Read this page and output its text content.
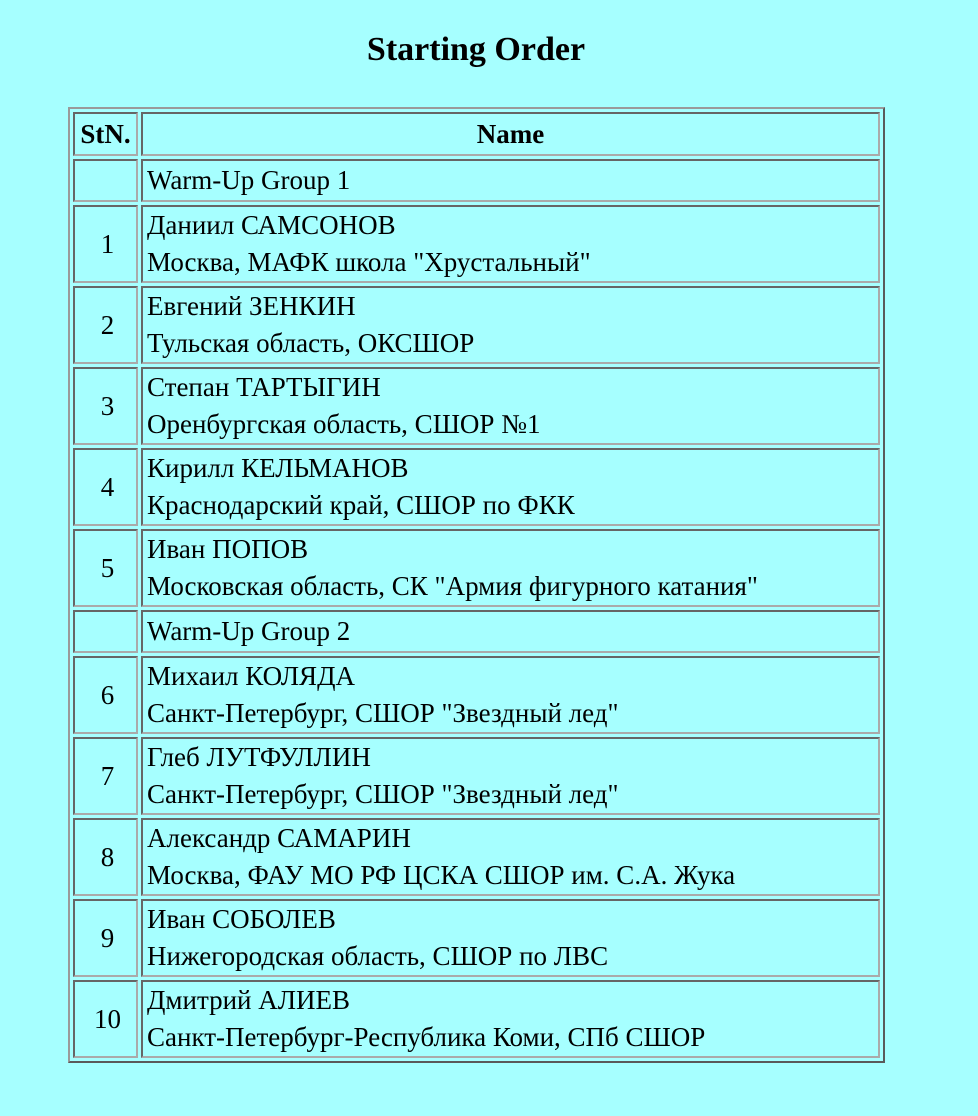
Starting Order
StN.	Name
	Warm-Up Group 1
1	Даниил САМСОНОВ
Москва, МАФК школа "Хрустальный"

2	Евгений ЗЕНКИН
Тульская область, ОКСШОР

3	Степан ТАРТЫГИН
Оренбургская область, СШОР №1

4	Кирилл КЕЛЬМАНОВ
Краснодарский край, СШОР по ФКК

5	Иван ПОПОВ
Московская область, СК "Армия фигурного катания"

	Warm-Up Group 2
6	Михаил КОЛЯДА
Санкт-Петербург, СШОР "Звездный лед"

7	Глеб ЛУТФУЛЛИН
Санкт-Петербург, СШОР "Звездный лед"

8	Александр САМАРИН
Москва, ФАУ МО РФ ЦСКА СШОР им. С.А. Жука

9	Иван СОБОЛЕВ
Нижегородская область, СШОР по ЛВС

10	Дмитрий АЛИЕВ
Санкт-Петербург-Республика Коми, СПб СШОР
